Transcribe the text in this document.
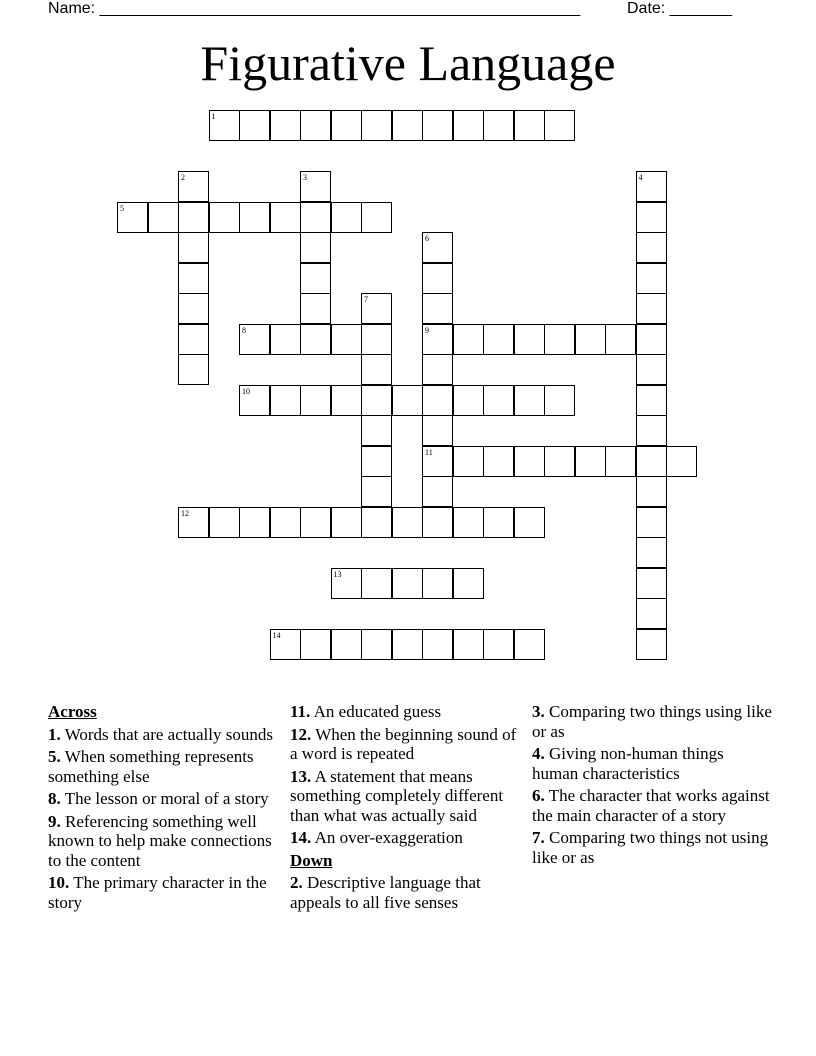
Name: ______________________________________________________	Date: _______
Figurative Language
1
2	3	4
5
6
9
11
7
8
10
12
13
14
Across
1. Words that are actually sounds
5. When something represents something else
8. The lesson or moral of a story
9. Referencing something well known to help make connections to the content
10. The primary character in the story
11. An educated guess
12. When the beginning sound of a word is repeated
13. A statement that means something completely different than what was actually said
14. An over-exaggeration
Down
2. Descriptive language that appeals to all five senses
3. Comparing two things using like or as
4. Giving non-human things human characteristics
6. The character that works against the main character of a story
7. Comparing two things not using like or as
